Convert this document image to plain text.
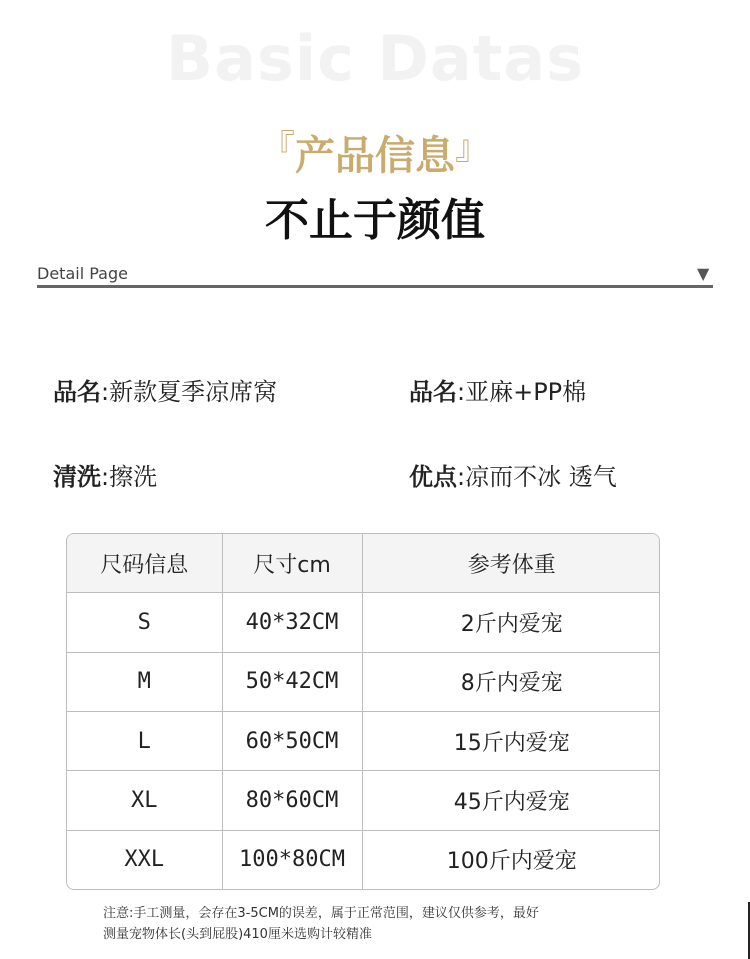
Basic Datas
『产品信息』
不止于颜值
Detail Page	▼
品名:新款夏季凉席窝	品名:亚麻+PP棉
清洗:擦洗	优点:凉而不冰 透气
尺码信息	尺寸cm	参考体重
S	40*32CM	2斤内爱宠
M	50*42CM	8斤内爱宠
L	60*50CM	15斤内爱宠
XL	80*60CM	45斤内爱宠
XXL	100*80CM	100斤内爱宠
注意:手工测量，会存在3-5CM的误差，属于正常范围，建议仅供参考，最好
测量宠物体长(头到屁股)410厘米选购计较精准
